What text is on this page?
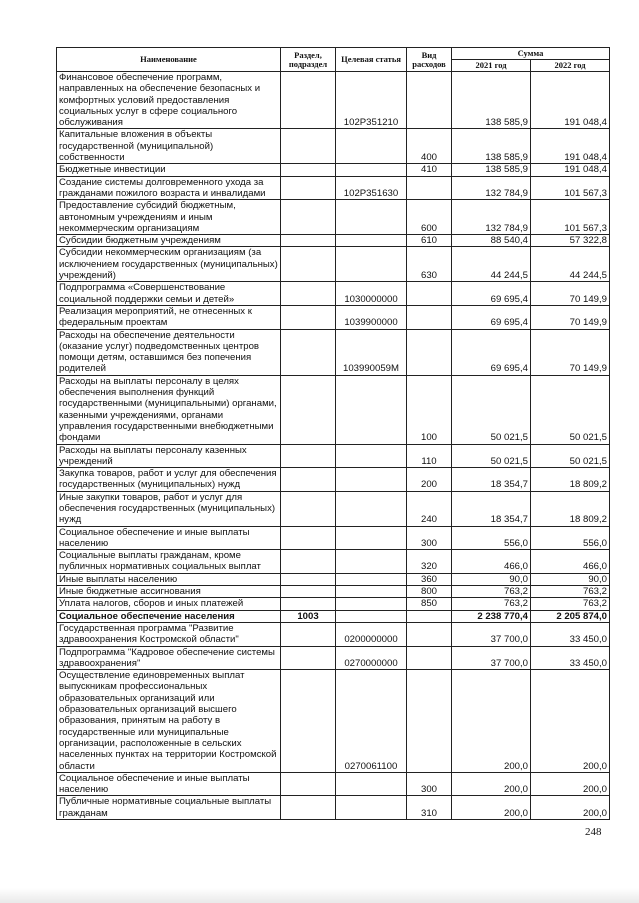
Наименование	Раздел, подраздел	Целевая статья	Вид расходов	Сумма	
				2021 год	2022 год
Финансовое обеспечение программ, направленных на обеспечение безопасных и комфортных условий предоставления социальных услуг в сфере социального обслуживания		102P351210		138 585,9	191 048,4
Капитальные вложения в объекты государственной (муниципальной) собственности			400	138 585,9	191 048,4
Бюджетные инвестиции			410	138 585,9	191 048,4
Создание системы долговременного ухода за гражданами пожилого возраста и инвалидами		102P351630		132 784,9	101 567,3
Предоставление субсидий бюджетным, автономным учреждениям и иным некоммерческим организациям			600	132 784,9	101 567,3
Субсидии бюджетным учреждениям			610	88 540,4	57 322,8
Субсидии некоммерческим организациям (за исключением государственных (муниципальных) учреждений)			630	44 244,5	44 244,5
Подпрограмма «Совершенствование социальной поддержки семьи и детей»		1030000000		69 695,4	70 149,9
Реализация мероприятий, не отнесенных к федеральным проектам		1039900000		69 695,4	70 149,9
Расходы на обеспечение деятельности (оказание услуг) подведомственных центров помощи детям, оставшимся без попечения родителей		103990059M		69 695,4	70 149,9
Расходы на выплаты персоналу в целях обеспечения выполнения функций государственными (муниципальными) органами, казенными учреждениями, органами управления государственными внебюджетными фондами			100	50 021,5	50 021,5
Расходы на выплаты персоналу казенных учреждений			110	50 021,5	50 021,5
Закупка товаров, работ и услуг для обеспечения государственных (муниципальных) нужд			200	18 354,7	18 809,2
Иные закупки товаров, работ и услуг для обеспечения государственных (муниципальных) нужд			240	18 354,7	18 809,2
Социальное обеспечение и иные выплаты населению			300	556,0	556,0
Социальные выплаты гражданам, кроме публичных нормативных социальных выплат			320	466,0	466,0
Иные выплаты населению			360	90,0	90,0
Иные бюджетные ассигнования			800	763,2	763,2
Уплата налогов, сборов и иных платежей			850	763,2	763,2
Социальное обеспечение населения	1003			2 238 770,4	2 205 874,0
Государственная программа "Развитие здравоохранения Костромской области"		0200000000		37 700,0	33 450,0
Подпрограмма "Кадровое обеспечение системы здравоохранения"		0270000000		37 700,0	33 450,0
Осуществление единовременных выплат выпускникам профессиональных образовательных организаций или образовательных организаций высшего образования, принятым на работу в государственные или муниципальные организации, расположенные в сельских населенных пунктах на территории Костромской области		0270061100		200,0	200,0
Социальное обеспечение и иные выплаты населению			300	200,0	200,0
Публичные нормативные социальные выплаты гражданам			310	200,0	200,0
248
